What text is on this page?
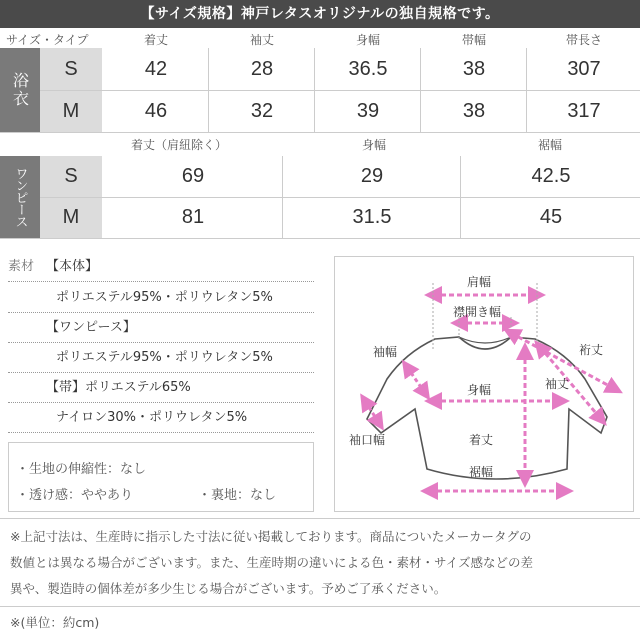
【サイズ規格】神戸レタスオリジナルの独自規格です。
サイズ・タイプ	着丈	袖丈	身幅	帯幅	帯長さ
浴衣
S	42	28	36.5	38	307
M	46	32	39	38	317
着丈（肩紐除く）	身幅	裾幅
ワンピース	S	69	29	42.5
M	81	31.5	45
素材 【本体】
ポリエステル95%・ポリウレタン5%
【ワンピース】
ポリエステル95%・ポリウレタン5%
【帯】ポリエステル65%
ナイロン30%・ポリウレタン5%
・生地の伸縮性：なし
・透け感：ややあり	・裏地：なし
肩幅
襟開き幅
袖幅	裄丈
袖丈
身幅
袖口幅	着丈
裾幅
※上記寸法は、生産時に指示した寸法に従い掲載しております。商品についたメーカータグの
数値とは異なる場合がございます。また、生産時期の違いによる色・素材・サイズ感などの差
異や、製造時の個体差が多少生じる場合がございます。予めご了承ください。
※(単位：約cm)
